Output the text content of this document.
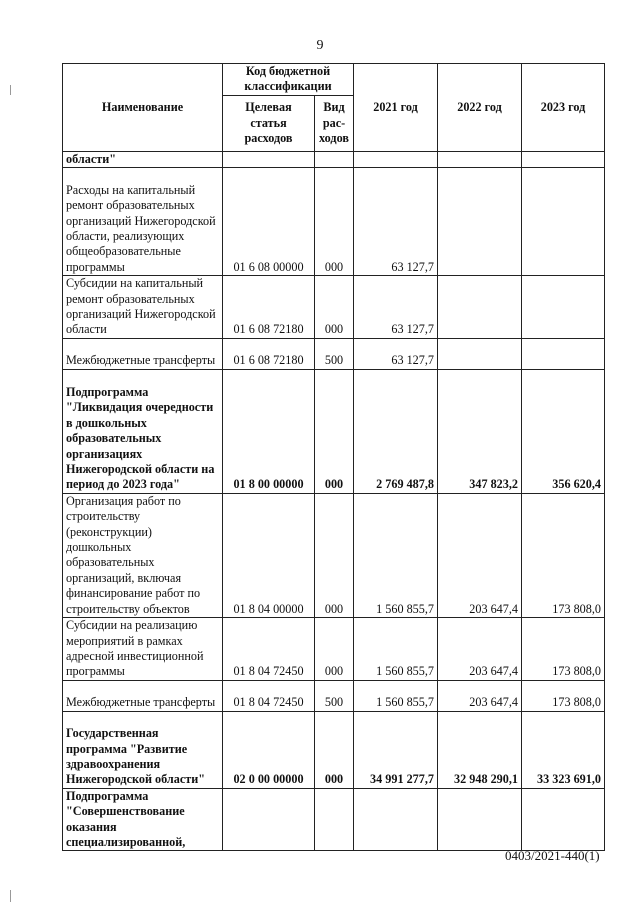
9
Наименование	Код бюджетной классификации		2021 год	2022 год	2023 год
	Целевая статья расходов	Вид рас-ходов			
области"					
Расходы на капитальный ремонт образовательных организаций Нижегородской области, реализующих общеобразовательные программы	01 6 08 00000	000	63 127,7		
Субсидии на капитальный ремонт образовательных организаций Нижегородской области	01 6 08 72180	000	63 127,7		
Межбюджетные трансферты	01 6 08 72180	500	63 127,7		
Подпрограмма "Ликвидация очередности в дошкольных образовательных организациях Нижегородской области на период до 2023 года"	01 8 00 00000	000	2 769 487,8	347 823,2	356 620,4
Организация работ по строительству (реконструкции) дошкольных образовательных организаций, включая финансирование работ по строительству объектов	01 8 04 00000	000	1 560 855,7	203 647,4	173 808,0
Субсидии на реализацию мероприятий в рамках адресной инвестиционной программы	01 8 04 72450	000	1 560 855,7	203 647,4	173 808,0
Межбюджетные трансферты	01 8 04 72450	500	1 560 855,7	203 647,4	173 808,0
Государственная программа "Развитие здравоохранения Нижегородской области"	02 0 00 00000	000	34 991 277,7	32 948 290,1	33 323 691,0
Подпрограмма "Совершенствование оказания специализированной,					
0403/2021-440(1)
